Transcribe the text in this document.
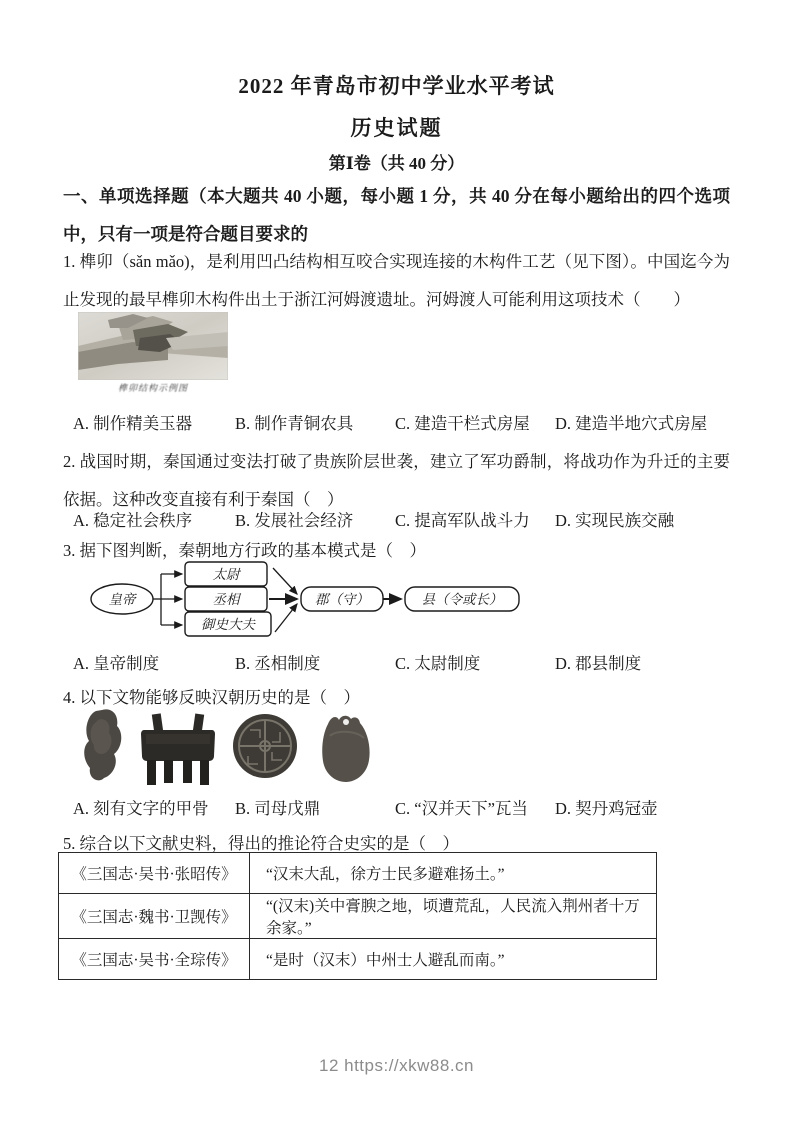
2022 年青岛市初中学业水平考试
历史试题
第Ⅰ卷（共 40 分）
一、单项选择题（本大题共 40 小题，每小题 1 分，共 40 分在每小题给出的四个选项中，只有一项是符合题目要求的
1. 榫卯（sǎn mǎo)，是利用凹凸结构相互咬合实现连接的木构件工艺（见下图）。中国迄今为止发现的最早榫卯木构件出土于浙江河姆渡遗址。河姆渡人可能利用这项技术（　　）
榫卯结构示例图
A. 制作精美玉器	B. 制作青铜农具	C. 建造干栏式房屋	D. 建造半地穴式房屋
2. 战国时期，秦国通过变法打破了贵族阶层世袭，建立了军功爵制，将战功作为升迁的主要依据。这种改变直接有利于秦国（　）
A. 稳定社会秩序	B. 发展社会经济	C. 提高军队战斗力	D. 实现民族交融
3. 据下图判断，秦朝地方行政的基本模式是（　）
皇帝
太尉
丞相
御史大夫
郡（守）	县（令或长）
A. 皇帝制度	B. 丞相制度	C. 太尉制度	D. 郡县制度
4. 以下文物能够反映汉朝历史的是（　）
A. 刻有文字的甲骨	B. 司母戊鼎	C. “汉并天下”瓦当	D. 契丹鸡冠壶
5. 综合以下文献史料，得出的推论符合史实的是（　）
《三国志·吴书·张昭传》	“汉末大乱，徐方士民多避难扬土。”
《三国志·魏书·卫觊传》	“(汉末)关中膏腴之地，顷遭荒乱，人民流入荆州者十万余家。”
《三国志·吴书·全琮传》	“是时（汉末）中州士人避乱而南。”
12 https://xkw88.cn
